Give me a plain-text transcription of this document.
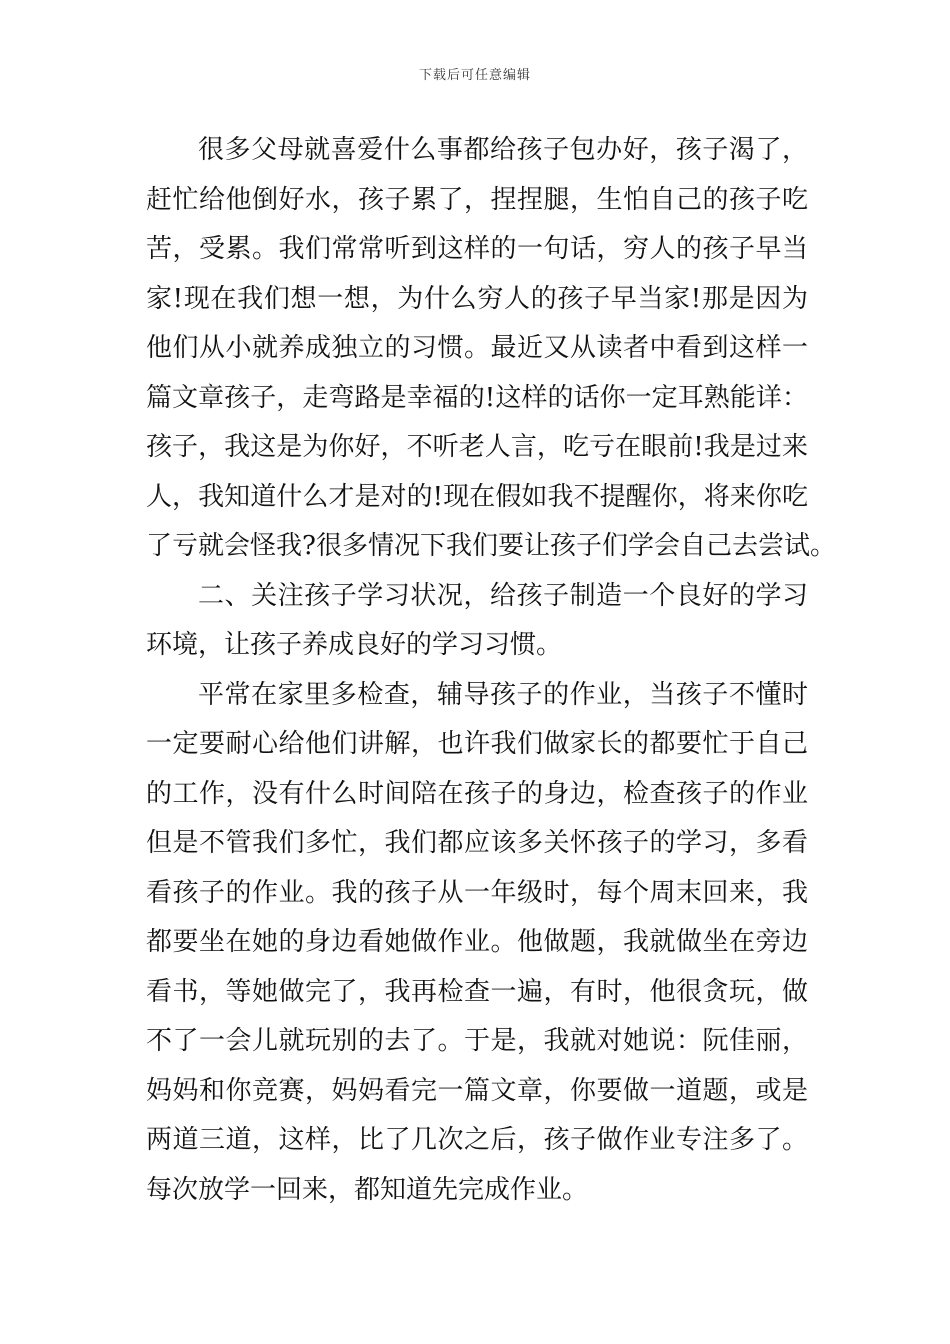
下载后可任意编辑
很多父母就喜爱什么事都给孩子包办好，孩子渴了，
赶忙给他倒好水，孩子累了，捏捏腿，生怕自己的孩子吃
苦，受累。我们常常听到这样的一句话，穷人的孩子早当
家!现在我们想一想，为什么穷人的孩子早当家!那是因为
他们从小就养成独立的习惯。最近又从读者中看到这样一
篇文章孩子，走弯路是幸福的!这样的话你一定耳熟能详：
孩子，我这是为你好，不听老人言，吃亏在眼前!我是过来
人，我知道什么才是对的!现在假如我不提醒你，将来你吃
了亏就会怪我?很多情况下我们要让孩子们学会自己去尝试。
二、关注孩子学习状况，给孩子制造一个良好的学习
环境，让孩子养成良好的学习习惯。
平常在家里多检查，辅导孩子的作业，当孩子不懂时
一定要耐心给他们讲解，也许我们做家长的都要忙于自己
的工作，没有什么时间陪在孩子的身边，检查孩子的作业
但是不管我们多忙，我们都应该多关怀孩子的学习，多看
看孩子的作业。我的孩子从一年级时，每个周末回来，我
都要坐在她的身边看她做作业。他做题，我就做坐在旁边
看书，等她做完了，我再检查一遍，有时，他很贪玩，做
不了一会儿就玩别的去了。于是，我就对她说：阮佳丽，
妈妈和你竞赛，妈妈看完一篇文章，你要做一道题，或是
两道三道，这样，比了几次之后，孩子做作业专注多了。
每次放学一回来，都知道先完成作业。
